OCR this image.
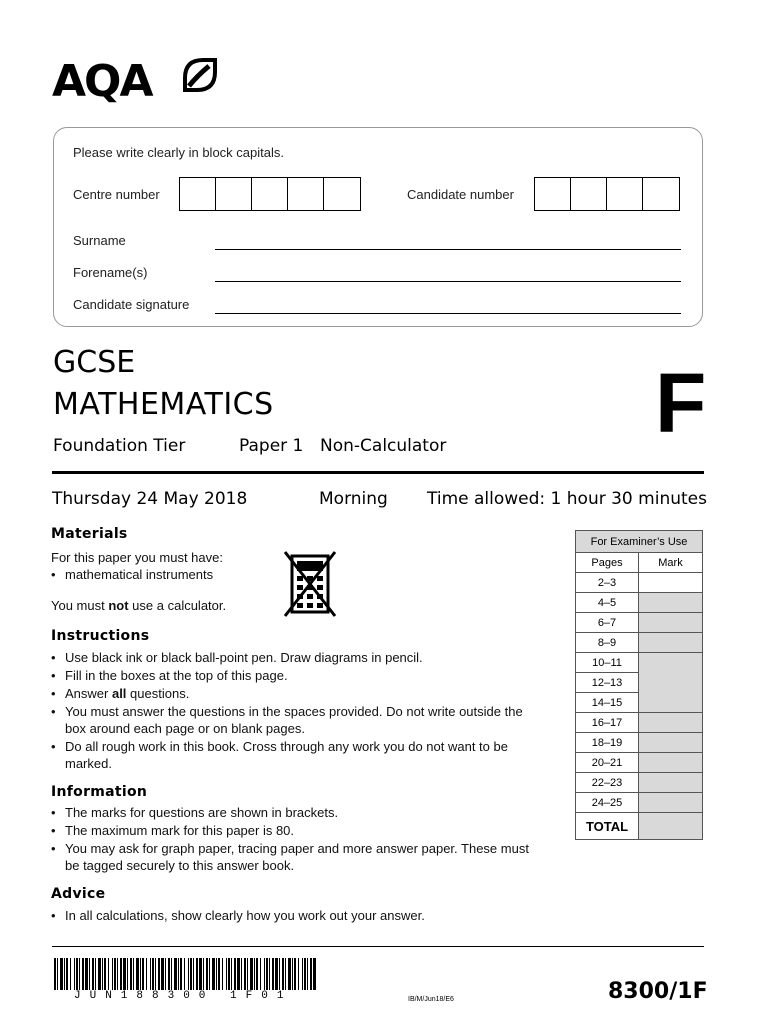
AQA
Please write clearly in block capitals.
Centre number	Candidate number
Surname
Forename(s)
Candidate signature
GCSE
MATHEMATICS
Foundation Tier	Paper 1 Non-Calculator F
Thursday 24 May 2018	Morning Time allowed: 1 hour 30 minutes
Materials
For this paper you must have:
• mathematical instruments
You must not use a calculator.
Instructions
• Use black ink or black ball-point pen. Draw diagrams in pencil.
• Fill in the boxes at the top of this page.
• Answer all questions.
• You must answer the questions in the spaces provided. Do not write outside the box around each page or on blank pages.
• Do all rough work in this book. Cross through any work you do not want to be marked.
Information
• The marks for questions are shown in brackets.
• The maximum mark for this paper is 80.
• You may ask for graph paper, tracing paper and more answer paper. These must be tagged securely to this answer book.
Advice
• In all calculations, show clearly how you work out your answer.
For Examiner’s Use	
Pages	Mark
2–3	
4–5	
6–7	
8–9	
10–11	
12–13	
14–15	
16–17	
18–19	
20–21	
22–23	
24–25	
TOTAL	
JUN188300 1F01	IB/M/Jun18/E6	8300/1F
